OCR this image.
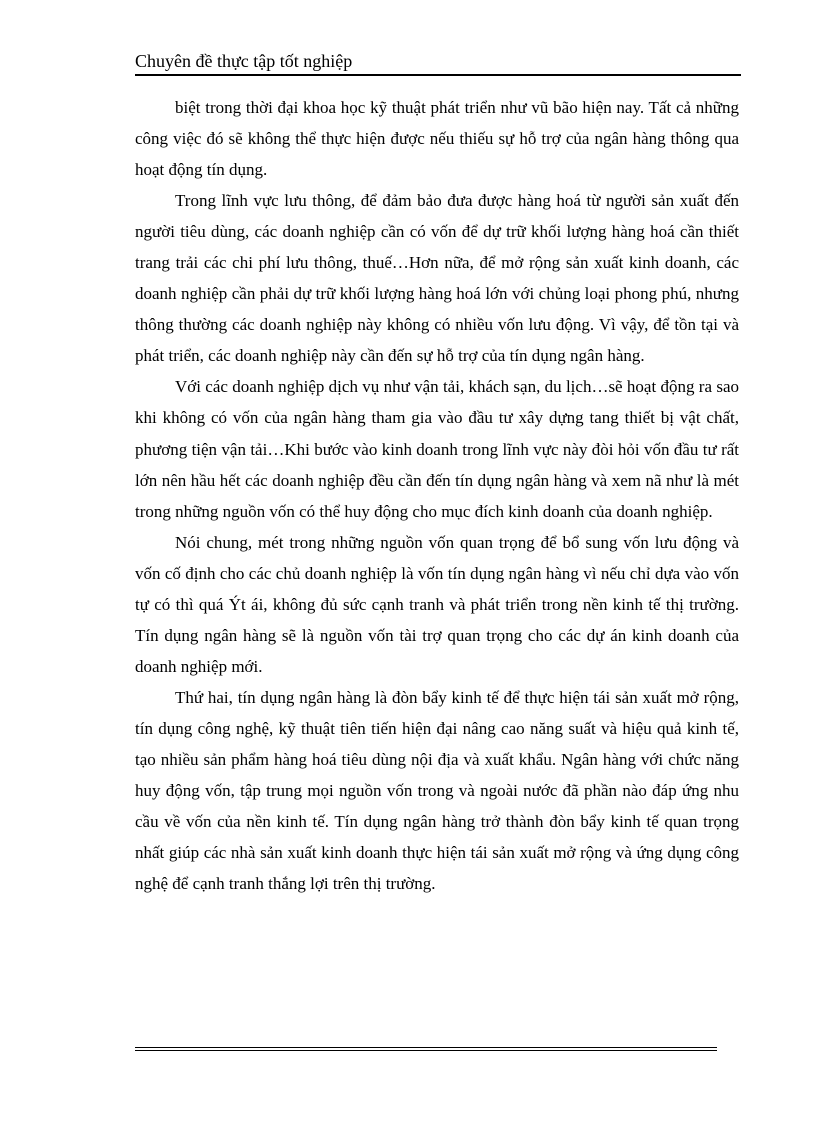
Chuyên đề thực tập tốt nghiệp

biệt trong thời đại khoa học kỹ thuật phát triển như vũ bão hiện nay. Tất cả những công việc đó sẽ không thể thực hiện được nếu thiếu sự hỗ trợ của ngân hàng thông qua hoạt động tín dụng.

Trong lĩnh vực lưu thông, để đảm bảo đưa được hàng hoá từ người sản xuất đến người tiêu dùng, các doanh nghiệp cần có vốn để dự trữ khối lượng hàng hoá cần thiết trang trải các chi phí lưu thông, thuế…Hơn nữa, để mở rộng sản xuất kinh doanh, các doanh nghiệp cần phải dự trữ khối lượng hàng hoá lớn với chủng loại phong phú, nhưng thông thường các doanh nghiệp này không có nhiều vốn lưu động. Vì vậy, để tồn tại và phát triển, các doanh nghiệp này cần đến sự hỗ trợ của tín dụng ngân hàng.

Với các doanh nghiệp dịch vụ như vận tải, khách sạn, du lịch…sẽ hoạt động ra sao khi không có vốn của ngân hàng tham gia vào đầu tư xây dựng tang thiết bị vật chất, phương tiện vận tải…Khi bước vào kinh doanh trong lĩnh vực này đòi hỏi vốn đầu tư rất lớn nên hầu hết các doanh nghiệp đều cần đến tín dụng ngân hàng và xem nã như là mét trong những nguồn vốn có thể huy động cho mục đích kinh doanh của doanh nghiệp.

Nói chung, mét trong những nguồn vốn quan trọng để bổ sung vốn lưu động và vốn cố định cho các chủ doanh nghiệp là vốn tín dụng ngân hàng vì nếu chỉ dựa vào vốn tự có thì quá Ýt ái, không đủ sức cạnh tranh và phát triển trong nền kinh tế thị trường. Tín dụng ngân hàng sẽ là nguồn vốn tài trợ quan trọng cho các dự án kinh doanh của doanh nghiệp mới.

Thứ hai, tín dụng ngân hàng là đòn bẩy kinh tế để thực hiện tái sản xuất mở rộng, tín dụng công nghệ, kỹ thuật tiên tiến hiện đại nâng cao năng suất và hiệu quả kinh tế, tạo nhiều sản phẩm hàng hoá tiêu dùng nội địa và xuất khẩu. Ngân hàng với chức năng huy động vốn, tập trung mọi nguồn vốn trong và ngoài nước đã phần nào đáp ứng nhu cầu về vốn của nền kinh tế. Tín dụng ngân hàng trở thành đòn bẩy kinh tế quan trọng nhất giúp các nhà sản xuất kinh doanh thực hiện tái sản xuất mở rộng và ứng dụng công nghệ để cạnh tranh thắng lợi trên thị trường.
